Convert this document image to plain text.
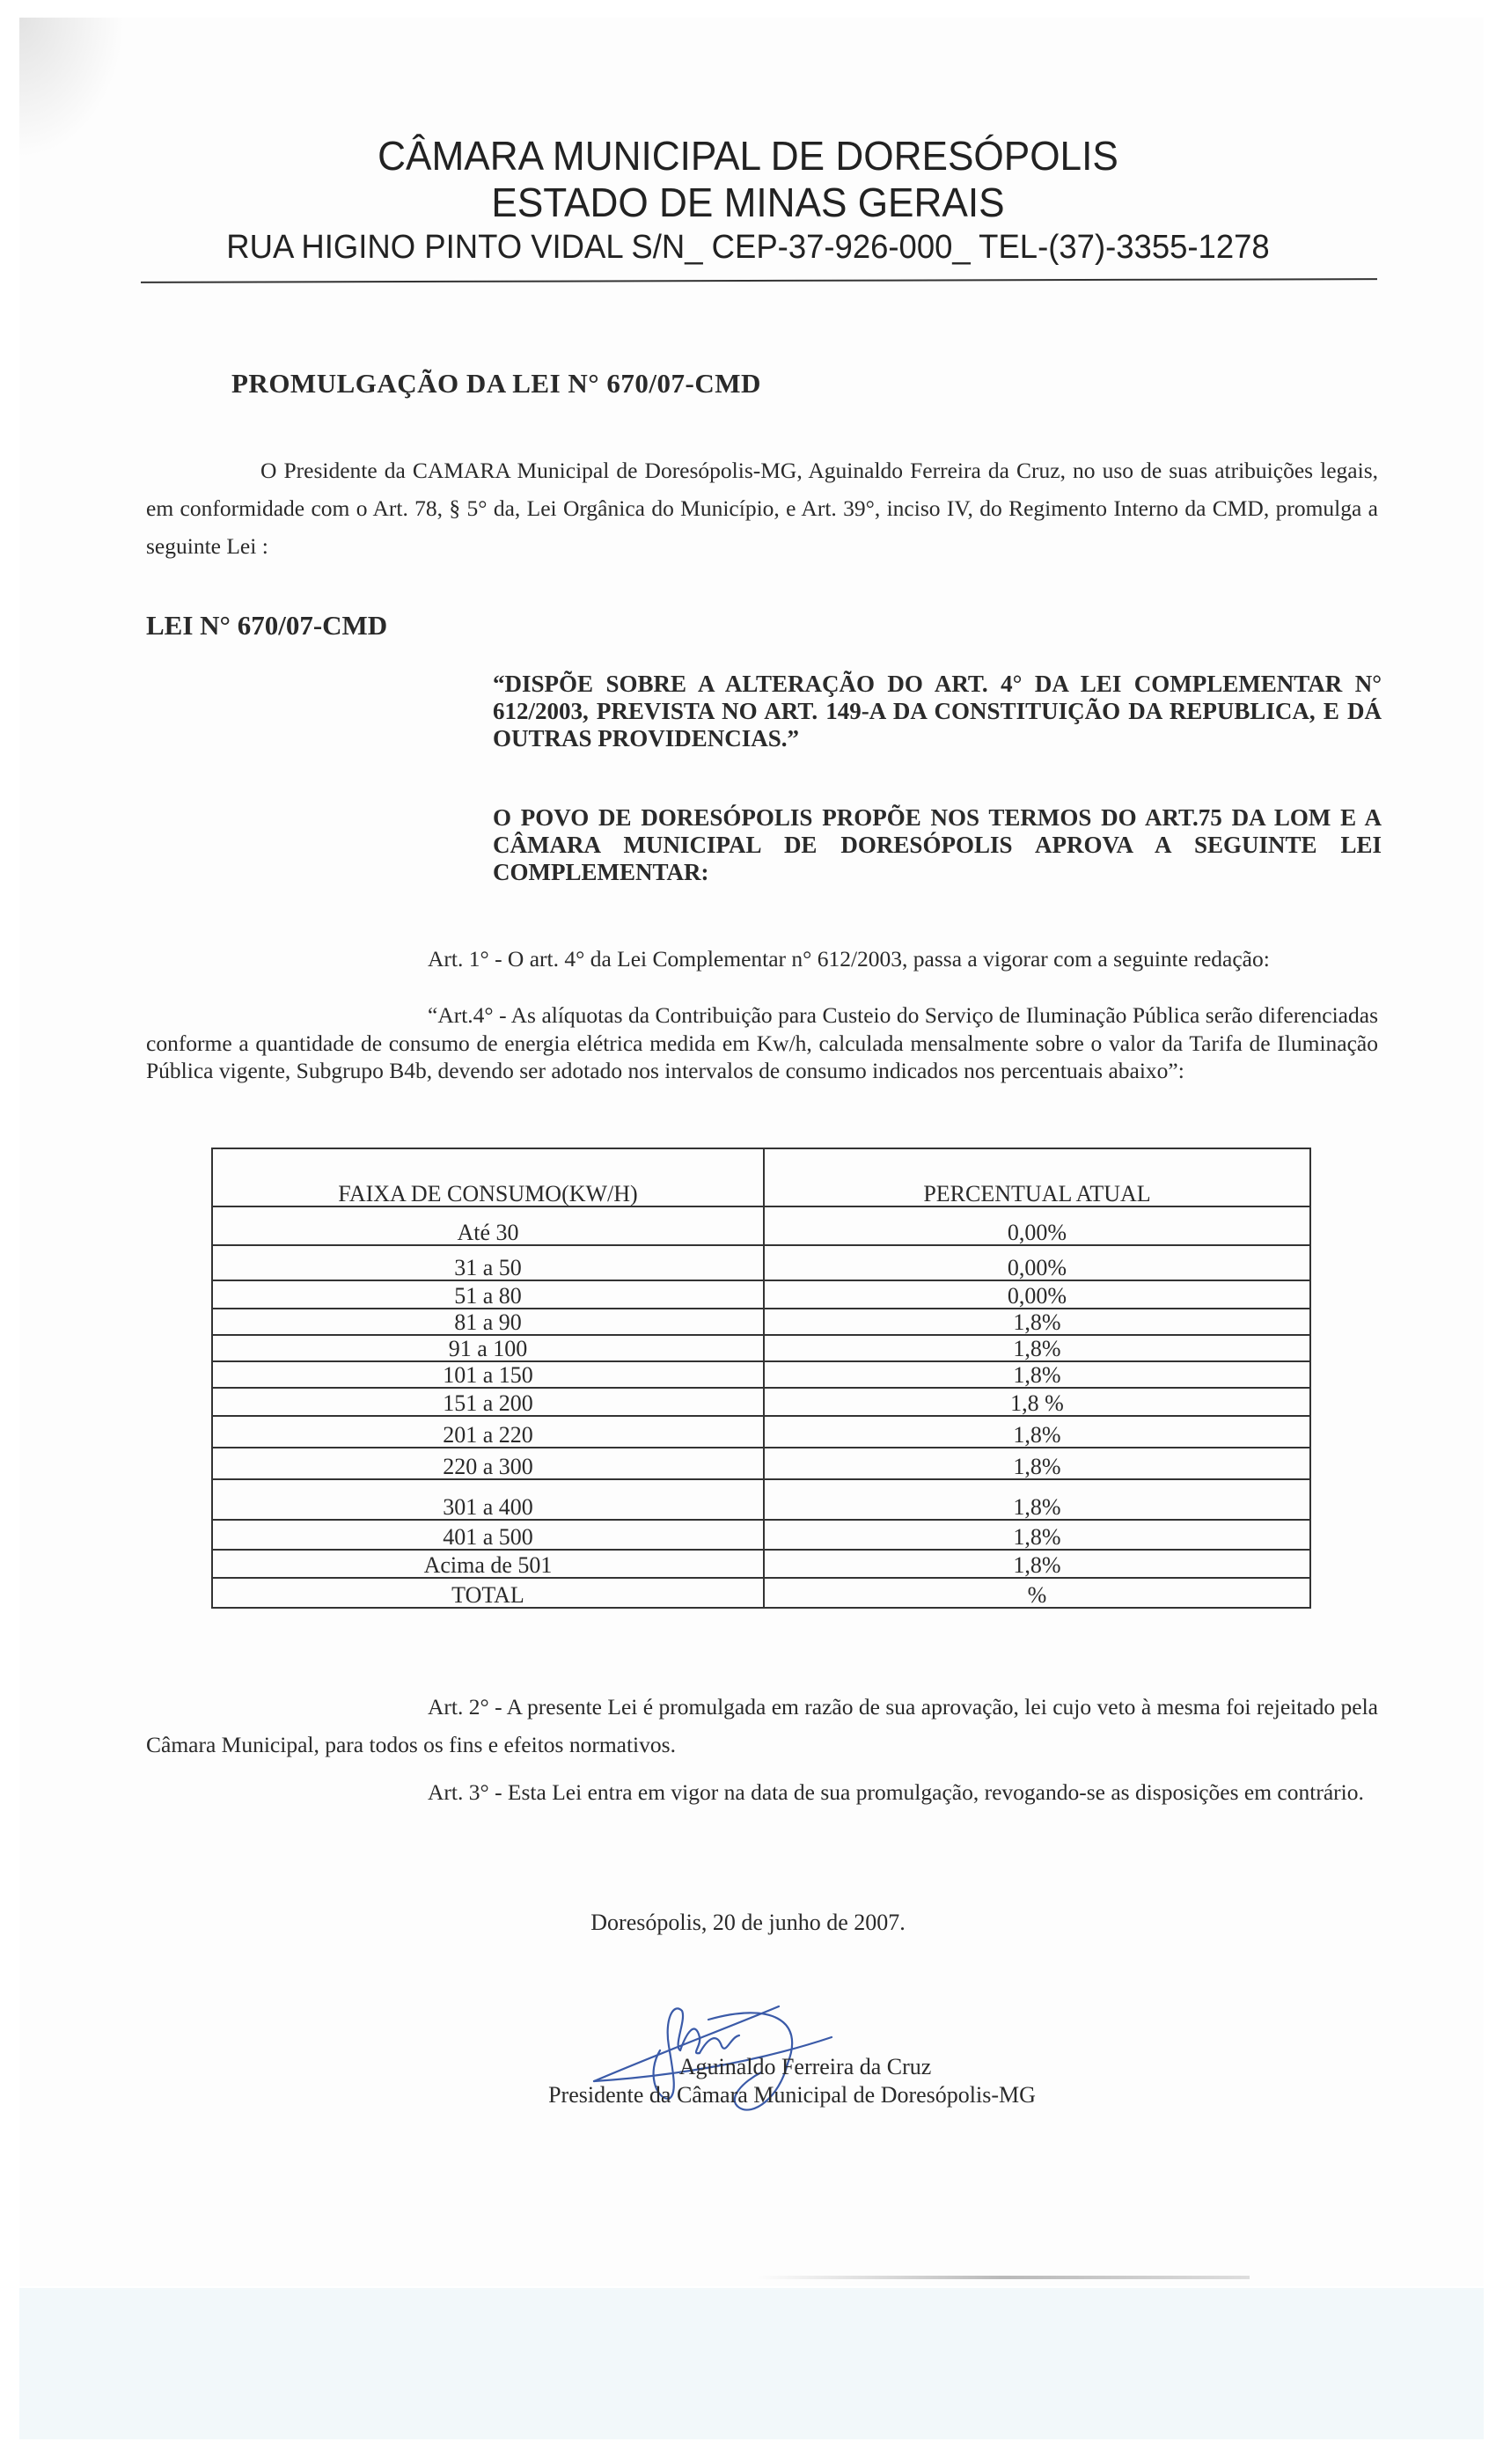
CÂMARA MUNICIPAL DE DORESÓPOLIS
ESTADO DE MINAS GERAIS
RUA HIGINO PINTO VIDAL S/N_ CEP-37-926-000_ TEL-(37)-3355-1278
PROMULGAÇÃO DA LEI N° 670/07-CMD
O Presidente da CAMARA Municipal de Doresópolis-MG, Aguinaldo Ferreira da Cruz, no uso de suas atribuições legais, em conformidade com o Art. 78, § 5° da, Lei Orgânica do Município, e Art. 39°, inciso IV, do Regimento Interno da CMD, promulga a seguinte Lei :
LEI N° 670/07-CMD
“DISPÕE SOBRE A ALTERAÇÃO DO ART. 4° DA LEI COMPLEMENTAR N° 612/2003, PREVISTA NO ART. 149-A DA CONSTITUIÇÃO DA REPUBLICA, E DÁ OUTRAS PROVIDENCIAS.”
O POVO DE DORESÓPOLIS PROPÕE NOS TERMOS DO ART.75 DA LOM E A CÂMARA MUNICIPAL DE DORESÓPOLIS APROVA A SEGUINTE LEI COMPLEMENTAR:
Art. 1° - O art. 4° da Lei Complementar n° 612/2003, passa a vigorar com a seguinte redação:
“Art.4° - As alíquotas da Contribuição para Custeio do Serviço de Iluminação Pública serão diferenciadas conforme a quantidade de consumo de energia elétrica medida em Kw/h, calculada mensalmente sobre o valor da Tarifa de Iluminação Pública vigente, Subgrupo B4b, devendo ser adotado nos intervalos de consumo indicados nos percentuais abaixo”:
FAIXA DE CONSUMO(KW/H)	PERCENTUAL ATUAL
Até 30	0,00%
31 a 50	0,00%
51 a 80	0,00%
81 a 90	1,8%
91 a 100	1,8%
101 a 150	1,8%
151 a 200	1,8 %
201 a 220	1,8%
220 a 300	1,8%
301 a 400	1,8%
401 a 500	1,8%
Acima de 501	1,8%
TOTAL	%
Art. 2° - A presente Lei é promulgada em razão de sua aprovação, lei cujo veto à mesma foi rejeitado pela Câmara Municipal, para todos os fins e efeitos normativos.
Art. 3° - Esta Lei entra em vigor na data de sua promulgação, revogando-se as disposições em contrário.
Doresópolis, 20 de junho de 2007.
Aguinaldo Ferreira da Cruz
Presidente da Câmara Municipal de Doresópolis-MG
